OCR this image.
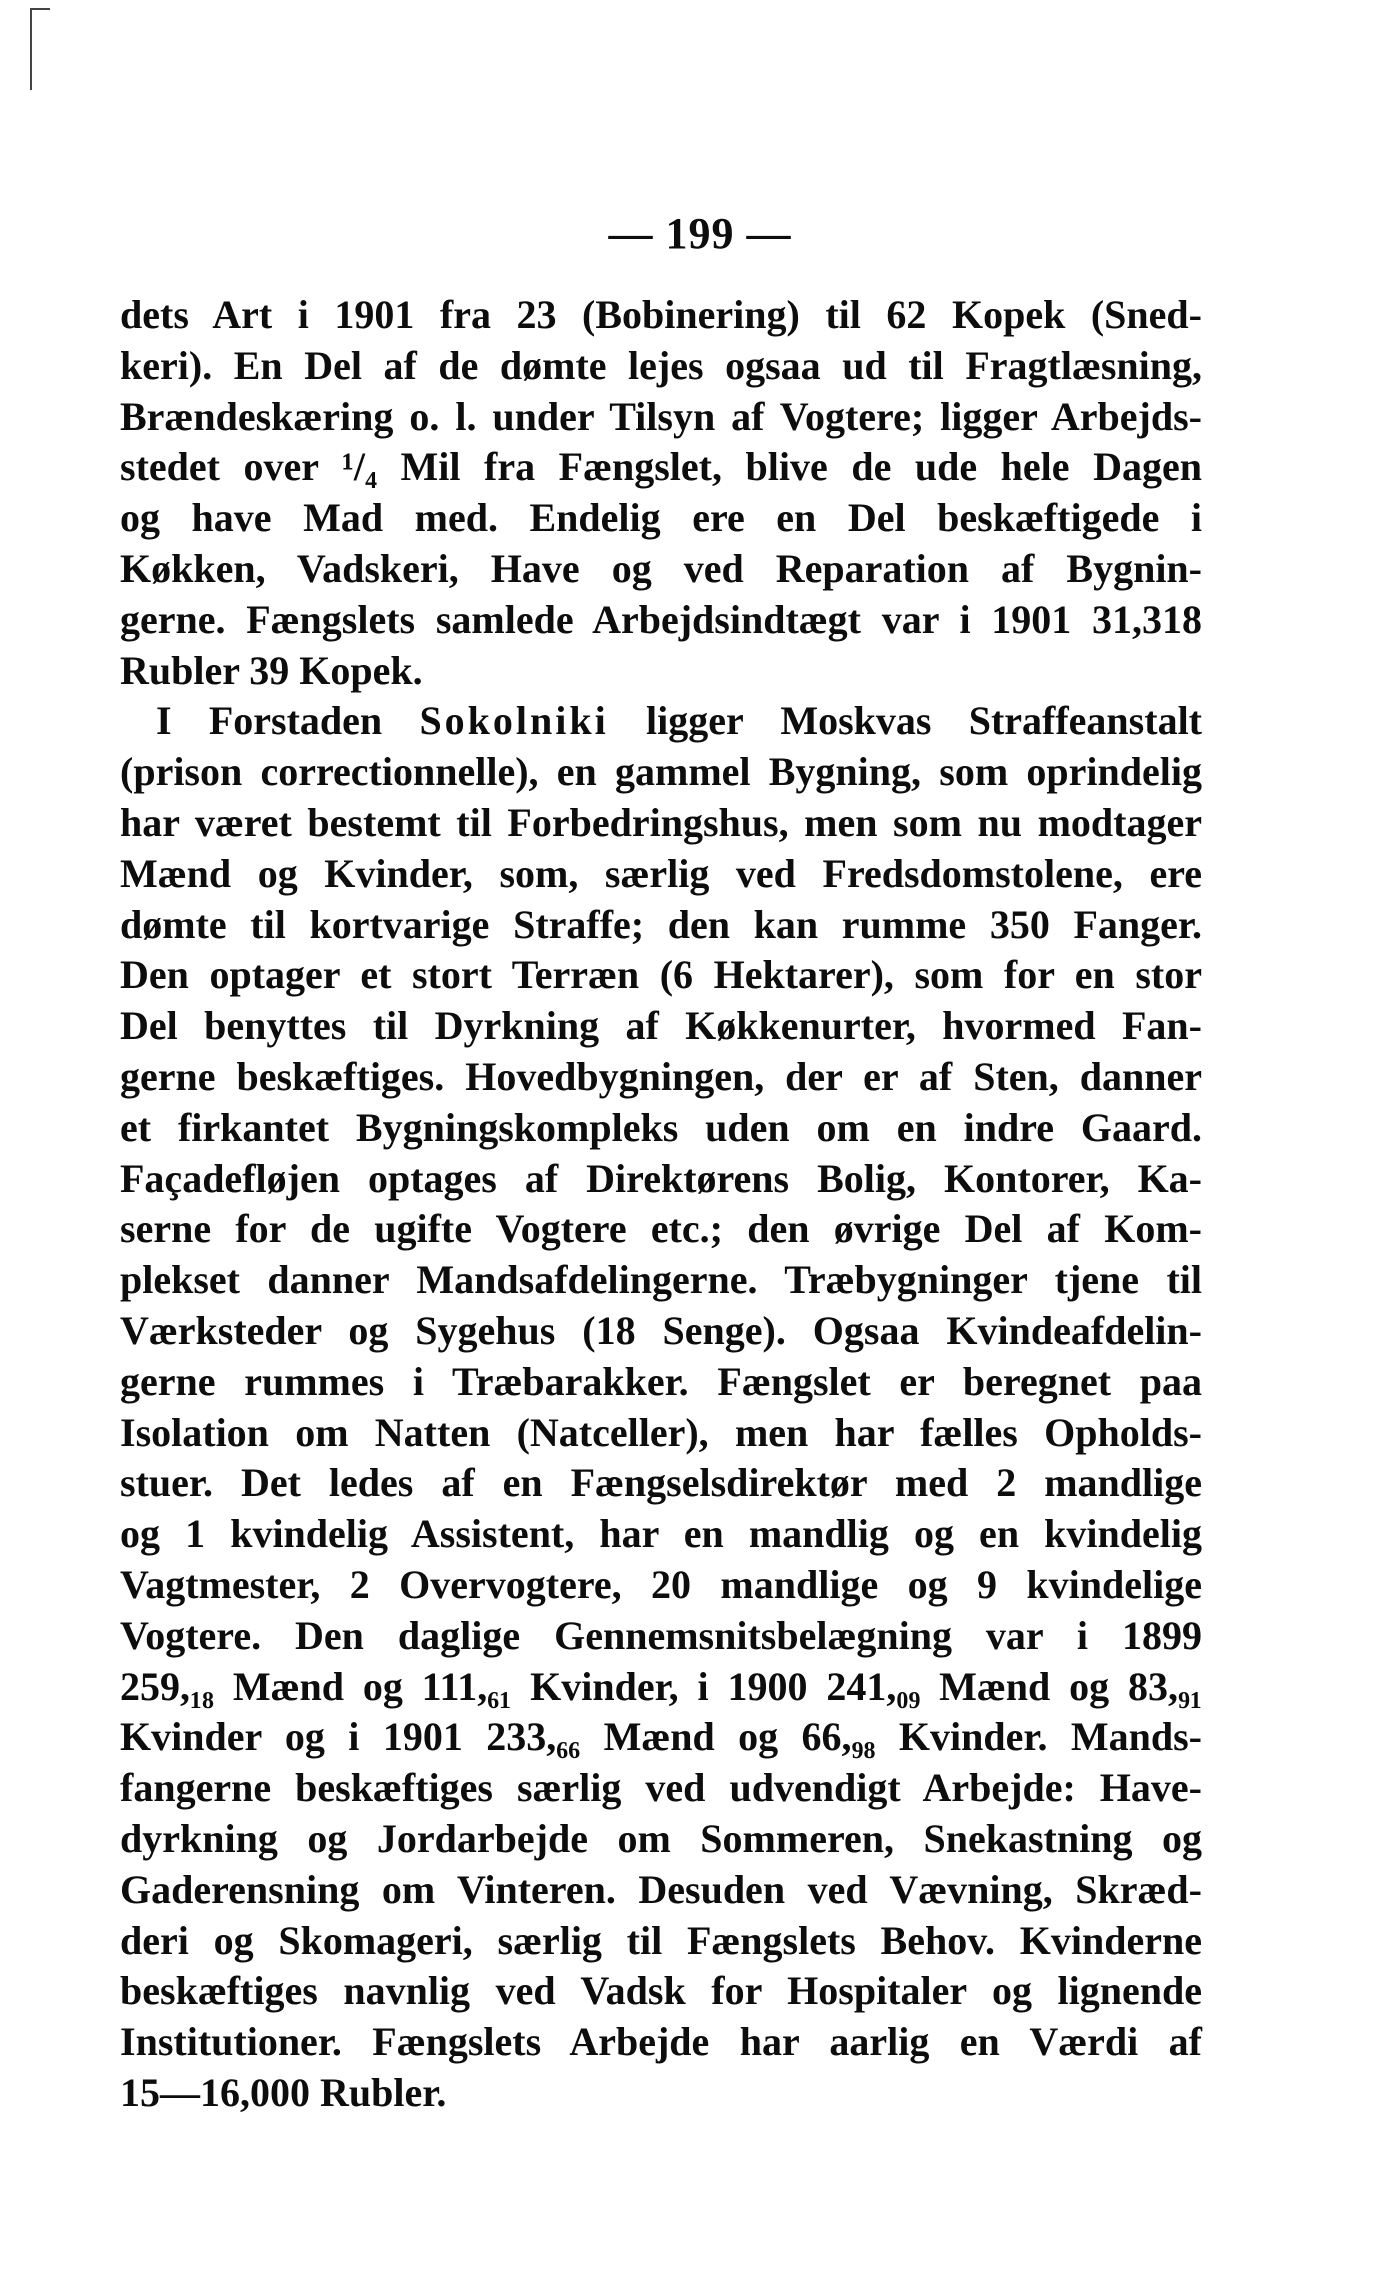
— 199 —
dets Art i 1901 fra 23 (Bobinering) til 62 Kopek (Sned-
keri). En Del af de dømte lejes ogsaa ud til Fragtlæsning,
Brændeskæring o. l. under Tilsyn af Vogtere; ligger Arbejds-
stedet over ¹/₄ Mil fra Fængslet, blive de ude hele Dagen
og have Mad med. Endelig ere en Del beskæftigede i
Køkken, Vadskeri, Have og ved Reparation af Bygnin-
gerne. Fængslets samlede Arbejdsindtægt var i 1901 31,318
Rubler 39 Kopek.
I Forstaden Sokolniki ligger Moskvas Straffeanstalt
(prison correctionnelle), en gammel Bygning, som oprindelig
har været bestemt til Forbedringshus, men som nu modtager
Mænd og Kvinder, som, særlig ved Fredsdomstolene, ere
dømte til kortvarige Straffe; den kan rumme 350 Fanger.
Den optager et stort Terræn (6 Hektarer), som for en stor
Del benyttes til Dyrkning af Køkkenurter, hvormed Fan-
gerne beskæftiges. Hovedbygningen, der er af Sten, danner
et firkantet Bygningskompleks uden om en indre Gaard.
Façadefløjen optages af Direktørens Bolig, Kontorer, Ka-
serne for de ugifte Vogtere etc.; den øvrige Del af Kom-
plekset danner Mandsafdelingerne. Træbygninger tjene til
Værksteder og Sygehus (18 Senge). Ogsaa Kvindeafdelin-
gerne rummes i Træbarakker. Fængslet er beregnet paa
Isolation om Natten (Natceller), men har fælles Opholds-
stuer. Det ledes af en Fængselsdirektør med 2 mandlige
og 1 kvindelig Assistent, har en mandlig og en kvindelig
Vagtmester, 2 Overvogtere, 20 mandlige og 9 kvindelige
Vogtere. Den daglige Gennemsnitsbelægning var i 1899
259,₁₈ Mænd og 111,₆₁ Kvinder, i 1900 241,₀₉ Mænd og 83,₉₁
Kvinder og i 1901 233,₆₆ Mænd og 66,₉₈ Kvinder. Mands-
fangerne beskæftiges særlig ved udvendigt Arbejde: Have-
dyrkning og Jordarbejde om Sommeren, Snekastning og
Gaderensning om Vinteren. Desuden ved Vævning, Skræd-
deri og Skomageri, særlig til Fængslets Behov. Kvinderne
beskæftiges navnlig ved Vadsk for Hospitaler og lignende
Institutioner. Fængslets Arbejde har aarlig en Værdi af
15—16,000 Rubler.
